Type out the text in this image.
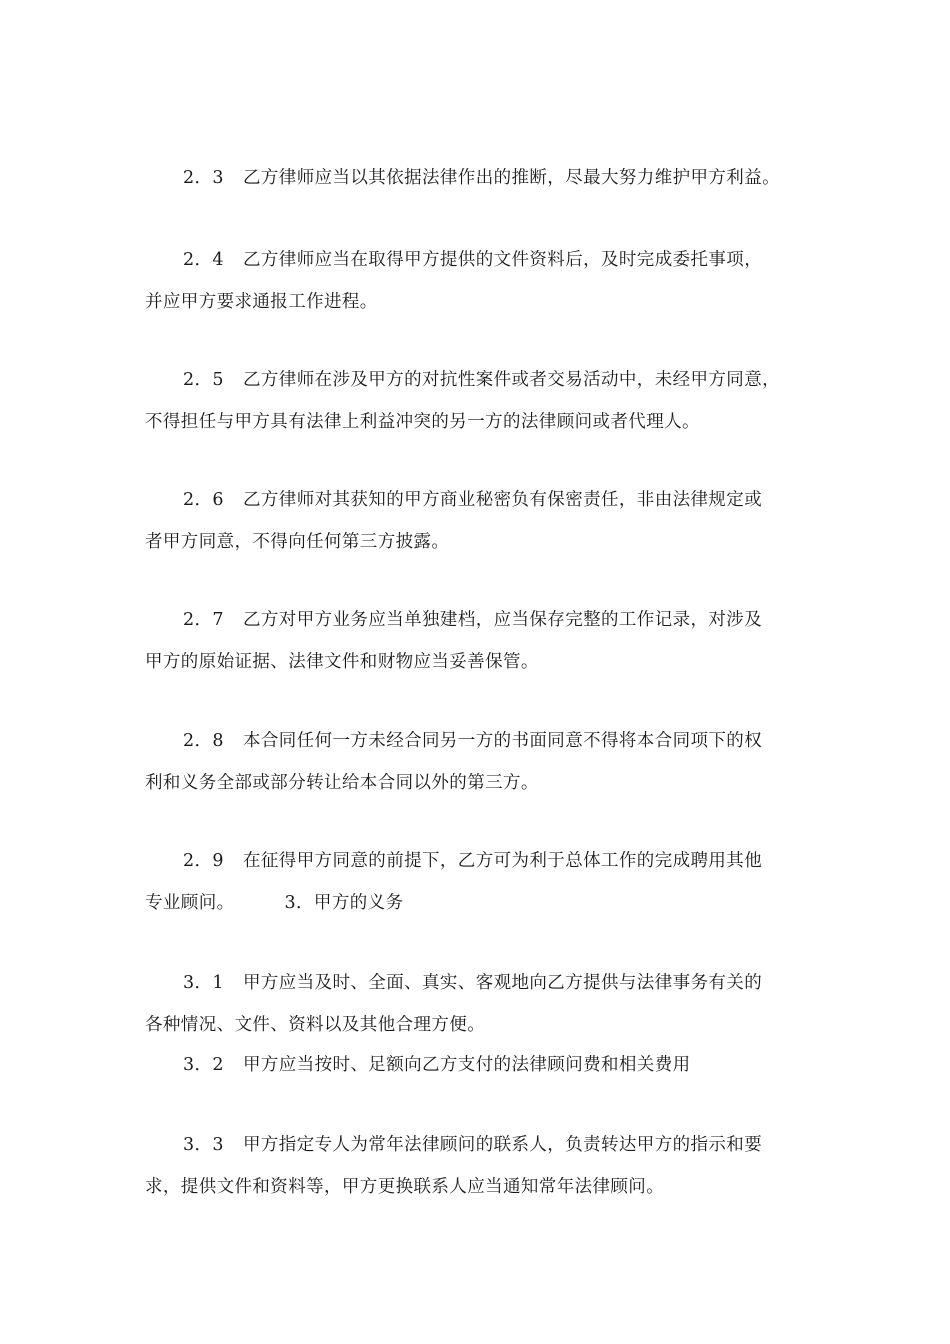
2．3 乙方律师应当以其依据法律作出的推断，尽最大努力维护甲方利益。
2．4 乙方律师应当在取得甲方提供的文件资料后，及时完成委托事项，
并应甲方要求通报工作进程。
2．5 乙方律师在涉及甲方的对抗性案件或者交易活动中，未经甲方同意，
不得担任与甲方具有法律上利益冲突的另一方的法律顾问或者代理人。
2．6 乙方律师对其获知的甲方商业秘密负有保密责任，非由法律规定或
者甲方同意，不得向任何第三方披露。
2．7 乙方对甲方业务应当单独建档，应当保存完整的工作记录，对涉及
甲方的原始证据、法律文件和财物应当妥善保管。
2．8 本合同任何一方未经合同另一方的书面同意不得将本合同项下的权
利和义务全部或部分转让给本合同以外的第三方。
2．9 在征得甲方同意的前提下，乙方可为利于总体工作的完成聘用其他
专业顾问。	3．甲方的义务
3．1 甲方应当及时、全面、真实、客观地向乙方提供与法律事务有关的
各种情况、文件、资料以及其他合理方便。
3．2 甲方应当按时、足额向乙方支付的法律顾问费和相关费用
3．3 甲方指定专人为常年法律顾问的联系人，负责转达甲方的指示和要
求，提供文件和资料等，甲方更换联系人应当通知常年法律顾问。
